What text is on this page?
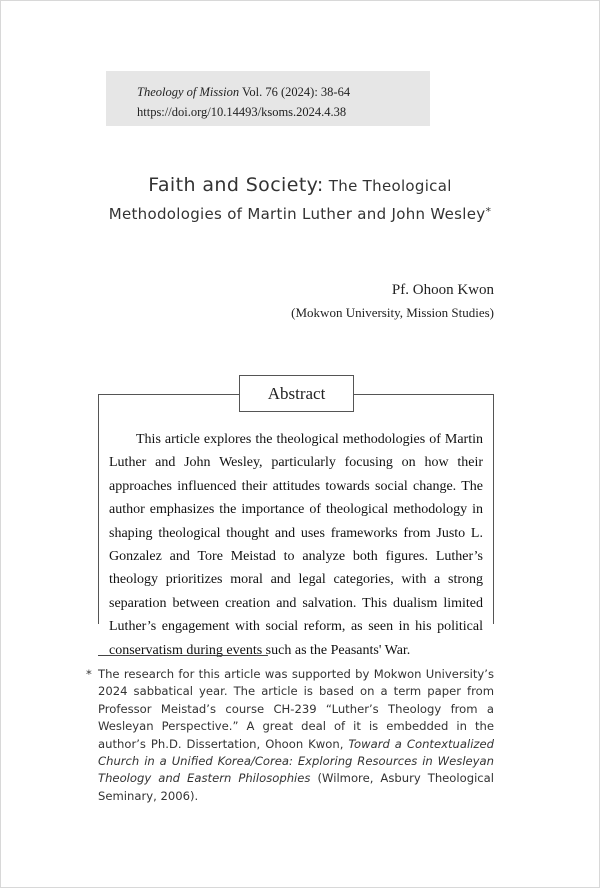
Theology of Mission Vol. 76 (2024): 38-64
https://doi.org/10.14493/ksoms.2024.4.38
Faith and Society: The Theological
Methodologies of Martin Luther and John Wesley*
Pf. Ohoon Kwon
(Mokwon University, Mission Studies)
Abstract

This article explores the theological methodologies of Martin Luther and John Wesley, particularly focusing on how their approaches influenced their attitudes towards social change. The author emphasizes the importance of theological methodology in shaping theological thought and uses frameworks from Justo L. Gonzalez and Tore Meistad to analyze both figures. Luther’s theology prioritizes moral and legal categories, with a strong separation between creation and salvation. This dualism limited Luther’s engagement with social reform, as seen in his political conservatism during events such as the Peasants' War.

* The research for this article was supported by Mokwon University’s 2024 sabbatical year. The article is based on a term paper from Professor Meistad’s course CH-239 “Luther’s Theology from a Wesleyan Perspective.” A great deal of it is embedded in the author’s Ph.D. Dissertation, Ohoon Kwon, Toward a Contextualized Church in a Unified Korea/Corea: Exploring Resources in Wesleyan Theology and Eastern Philosophies (Wilmore, Asbury Theological Seminary, 2006).
